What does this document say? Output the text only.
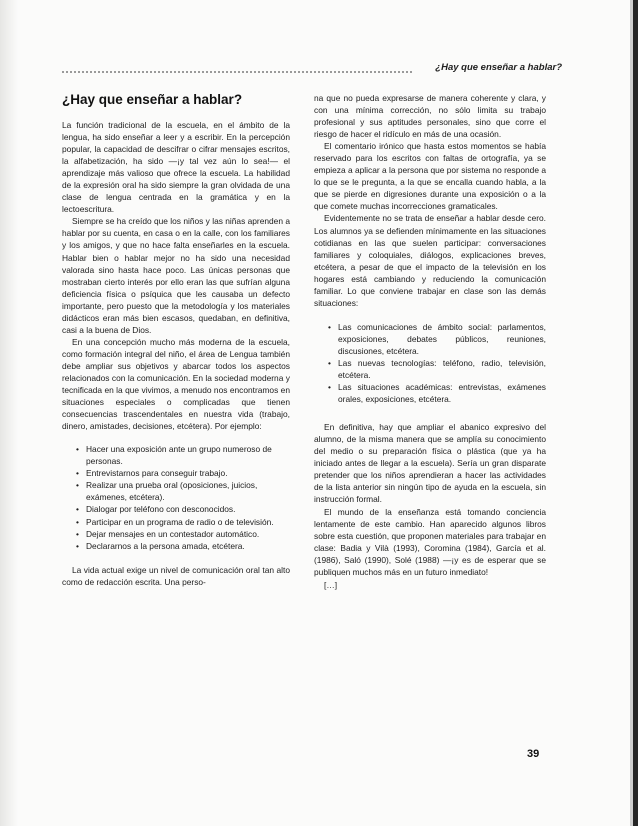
¿Hay que enseñar a hablar?
¿Hay que enseñar a hablar?

La función tradicional de la escuela, en el ámbito de la lengua, ha sido enseñar a leer y a escribir. En la percepción popular, la capacidad de descifrar o cifrar mensajes escritos, la alfabetización, ha sido —¡y tal vez aún lo sea!— el aprendizaje más valioso que ofrece la escuela. La habilidad de la expresión oral ha sido siempre la gran olvidada de una clase de lengua centrada en la gramática y en la lectoescritura.

Siempre se ha creído que los niños y las niñas aprenden a hablar por su cuenta, en casa o en la calle, con los familiares y los amigos, y que no hace falta enseñarles en la escuela. Hablar bien o hablar mejor no ha sido una necesidad valorada sino hasta hace poco. Las únicas personas que mostraban cierto interés por ello eran las que sufrían alguna deficiencia física o psíquica que les causaba un defecto importante, pero puesto que la metodología y los materiales didácticos eran más bien escasos, quedaban, en definitiva, casi a la buena de Dios.

En una concepción mucho más moderna de la escuela, como formación integral del niño, el área de Lengua también debe ampliar sus objetivos y abarcar todos los aspectos relacionados con la comunicación. En la sociedad moderna y tecnificada en la que vivimos, a menudo nos encontramos en situaciones especiales o complicadas que tienen consecuencias trascendentales en nuestra vida (trabajo, dinero, amistades, decisiones, etcétera). Por ejemplo:

• Hacer una exposición ante un grupo numeroso de personas.
• Entrevistarnos para conseguir trabajo.
• Realizar una prueba oral (oposiciones, juicios, exámenes, etcétera).
• Dialogar por teléfono con desconocidos.
• Participar en un programa de radio o de televisión.
• Dejar mensajes en un contestador automático.
• Declararnos a la persona amada, etcétera.

La vida actual exige un nivel de comunicación oral tan alto como de redacción escrita. Una perso-

na que no pueda expresarse de manera coherente y clara, y con una mínima corrección, no sólo limita su trabajo profesional y sus aptitudes personales, sino que corre el riesgo de hacer el ridículo en más de una ocasión.

El comentario irónico que hasta estos momentos se había reservado para los escritos con faltas de ortografía, ya se empieza a aplicar a la persona que por sistema no responde a lo que se le pregunta, a la que se encalla cuando habla, a la que se pierde en digresiones durante una exposición o a la que comete muchas incorrecciones gramaticales.

Evidentemente no se trata de enseñar a hablar desde cero. Los alumnos ya se defienden mínimamente en las situaciones cotidianas en las que suelen participar: conversaciones familiares y coloquiales, diálogos, explicaciones breves, etcétera, a pesar de que el impacto de la televisión en los hogares está cambiando y reduciendo la comunicación familiar. Lo que conviene trabajar en clase son las demás situaciones:

• Las comunicaciones de ámbito social: parlamentos, exposiciones, debates públicos, reuniones, discusiones, etcétera.
• Las nuevas tecnologías: teléfono, radio, televisión, etcétera.
• Las situaciones académicas: entrevistas, exámenes orales, exposiciones, etcétera.

En definitiva, hay que ampliar el abanico expresivo del alumno, de la misma manera que se amplía su conocimiento del medio o su preparación física o plástica (que ya ha iniciado antes de llegar a la escuela). Sería un gran disparate pretender que los niños aprendieran a hacer las actividades de la lista anterior sin ningún tipo de ayuda en la escuela, sin instrucción formal.

El mundo de la enseñanza está tomando conciencia lentamente de este cambio. Han aparecido algunos libros sobre esta cuestión, que proponen materiales para trabajar en clase: Badia y Vilà (1993), Coromina (1984), García et al. (1986), Saló (1990), Solé (1988) —¡y es de esperar que se publiquen muchos más en un futuro inmediato!

[…]

39
